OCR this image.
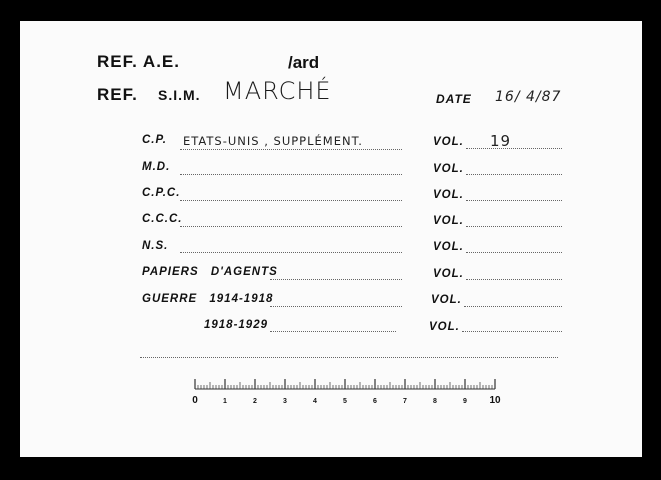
REF. A.E.	/ard
REF. S.I.M. MARCHÉ	DATE 16/ 4/87
C.P. ETATS-UNIS , SUPPLÉMENT.	VOL. 19
M.D.	VOL.
C.P.C.	VOL.
C.C.C.	VOL.
N.S.	VOL.
PAPIERS D'AGENTS	VOL.
GUERRE 1914-1918	VOL.
1918-1929	VOL.
0	1	2	3	4	5	6	7	8	9 10
